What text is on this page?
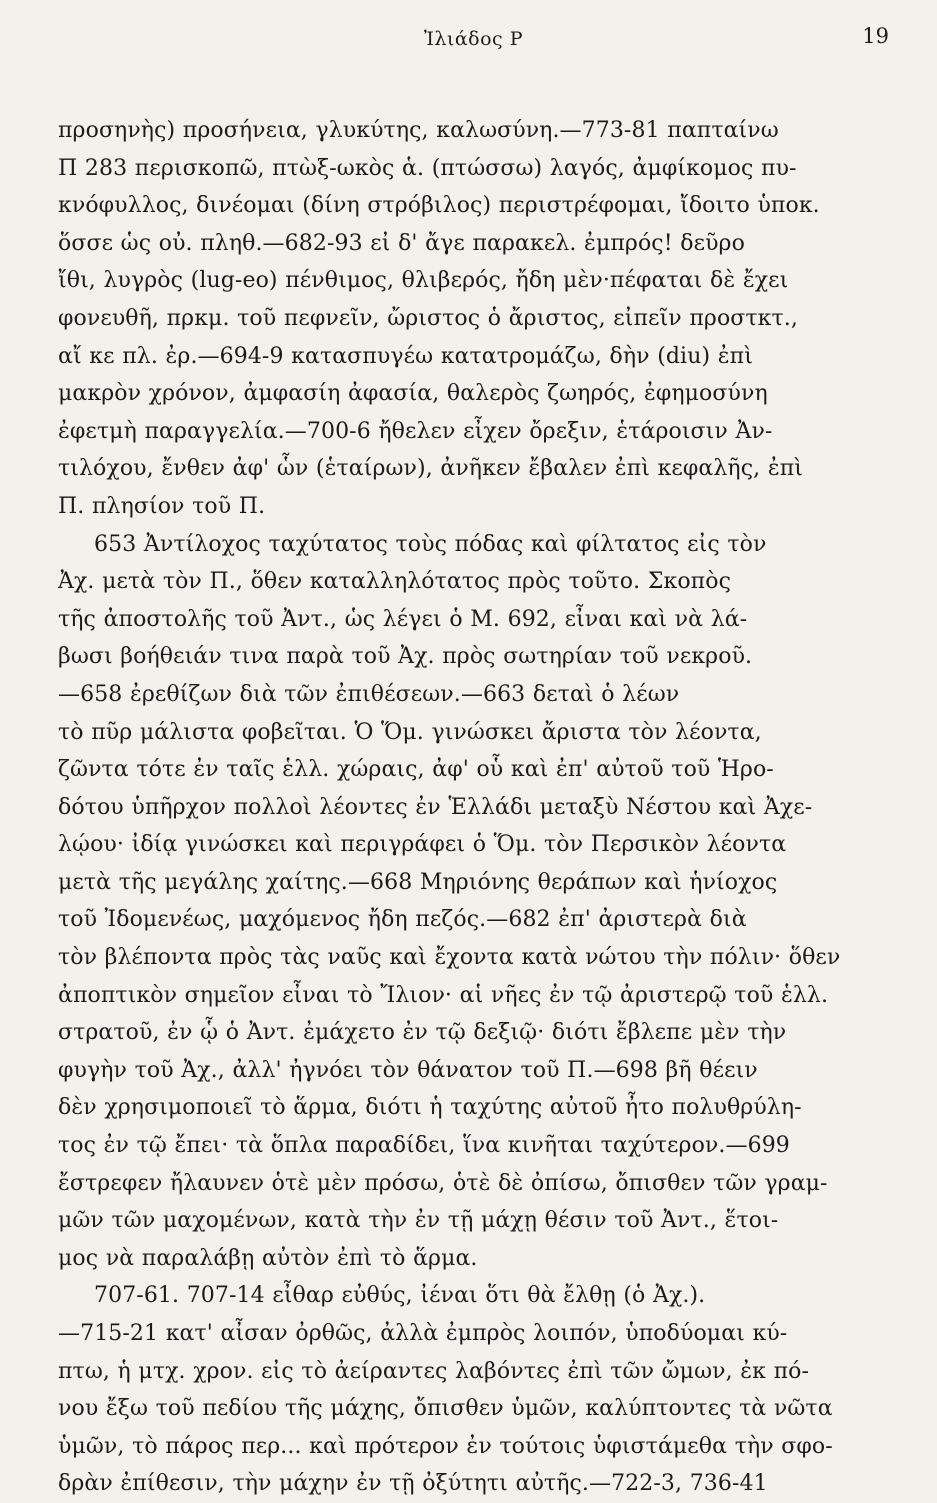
Ἰλιάδος Ρ	19

προσηνὴς) προσήνεια, γλυκύτης, καλωσύνη.—773-81 παπταίνω
Π 283 περισκοπῶ, πτὼξ-ωκὸς ἁ. (πτώσσω) λαγός, ἀμφίκομος πυ-
κνόφυλλος, δινέομαι (δίνη στρόβιλος) περιστρέφομαι, ἴδοιτο ὑποκ.
ὅσσε ὡς οὐ. πληθ.—682-93 εἰ δ' ἄγε παρακελ. ἐμπρός! δεῦρο
ἴθι, λυγρὸς (lug-eo) πένθιμος, θλιβερός, ἤδη μὲν·πέφαται δὲ ἔχει
φονευθῆ, πρκμ. τοῦ πεφνεῖν, ὤριστος ὁ ἄριστος, εἰπεῖν προστκτ.,
αἴ κε πλ. ἐρ.—694-9 κατασπυγέω κατατρομάζω, δὴν (diu) ἐπὶ
μακρὸν χρόνον, ἀμφασίη ἀφασία, θαλερὸς ζωηρός, ἐφημοσύνη
ἐφετμὴ παραγγελία.—700-6 ἤθελεν εἶχεν ὄρεξιν, ἑτάροισιν Ἀν-
τιλόχου, ἔνθεν ἀφ' ὧν (ἑταίρων), ἀνῆκεν ἔβαλεν ἐπὶ κεφαλῆς, ἐπὶ
Π. πλησίον τοῦ Π.

653 Ἀντίλοχος ταχύτατος τοὺς πόδας καὶ φίλτατος εἰς τὸν
Ἀχ. μετὰ τὸν Π., ὅθεν καταλληλότατος πρὸς τοῦτο. Σκοπὸς
τῆς ἀποστολῆς τοῦ Ἀντ., ὡς λέγει ὁ Μ. 692, εἶναι καὶ νὰ λά-
βωσι βοήθειάν τινα παρὰ τοῦ Ἀχ. πρὸς σωτηρίαν τοῦ νεκροῦ.
—658 ἐρεθίζων διὰ τῶν ἐπιθέσεων.—663 δεταὶ ὁ λέων
τὸ πῦρ μάλιστα φοβεῖται. Ὁ Ὅμ. γινώσκει ἄριστα τὸν λέοντα,
ζῶντα τότε ἐν ταῖς ἑλλ. χώραις, ἀφ' οὗ καὶ ἐπ' αὐτοῦ τοῦ Ἡρο-
δότου ὑπῆρχον πολλοὶ λέοντες ἐν Ἑλλάδι μεταξὺ Νέστου καὶ Ἀχε-
λῴου· ἰδίᾳ γινώσκει καὶ περιγράφει ὁ Ὅμ. τὸν Περσικὸν λέοντα
μετὰ τῆς μεγάλης χαίτης.—668 Μηριόνης θεράπων καὶ ἡνίοχος
τοῦ Ἰδομενέως, μαχόμενος ἤδη πεζός.—682 ἐπ' ἀριστερὰ διὰ
τὸν βλέποντα πρὸς τὰς ναῦς καὶ ἔχοντα κατὰ νώτου τὴν πόλιν· ὅθεν
ἀποπτικὸν σημεῖον εἶναι τὸ Ἴλιον· αἱ νῆες ἐν τῷ ἀριστερῷ τοῦ ἑλλ.
στρατοῦ, ἐν ᾧ ὁ Ἀντ. ἐμάχετο ἐν τῷ δεξιῷ· διότι ἔβλεπε μὲν τὴν
φυγὴν τοῦ Ἀχ., ἀλλ' ἠγνόει τὸν θάνατον τοῦ Π.—698 βῆ θέειν
δὲν χρησιμοποιεῖ τὸ ἅρμα, διότι ἡ ταχύτης αὐτοῦ ἦτο πολυθρύλη-
τος ἐν τῷ ἔπει· τὰ ὅπλα παραδίδει, ἵνα κινῆται ταχύτερον.—699
ἔστρεφεν ἤλαυνεν ὁτὲ μὲν πρόσω, ὁτὲ δὲ ὀπίσω, ὄπισθεν τῶν γραμ-
μῶν τῶν μαχομένων, κατὰ τὴν ἐν τῇ μάχῃ θέσιν τοῦ Ἀντ., ἕτοι-
μος νὰ παραλάβῃ αὐτὸν ἐπὶ τὸ ἅρμα.

707-61. 707-14 εἶθαρ εὐθύς, ἰέναι ὅτι θὰ ἔλθῃ (ὁ Ἀχ.).
—715-21 κατ' αἶσαν ὀρθῶς, ἀλλὰ ἐμπρὸς λοιπόν, ὑποδύομαι κύ-
πτω, ἡ μτχ. χρον. εἰς τὸ ἀείραντες λαβόντες ἐπὶ τῶν ὤμων, ἐκ πό-
νου ἔξω τοῦ πεδίου τῆς μάχης, ὄπισθεν ὑμῶν, καλύπτοντες τὰ νῶτα
ὑμῶν, τὸ πάρος περ... καὶ πρότερον ἐν τούτοις ὑφιστάμεθα τὴν σφο-
δρὰν ἐπίθεσιν, τὴν μάχην ἐν τῇ ὀξύτητι αὐτῆς.—722-3, 736-41
